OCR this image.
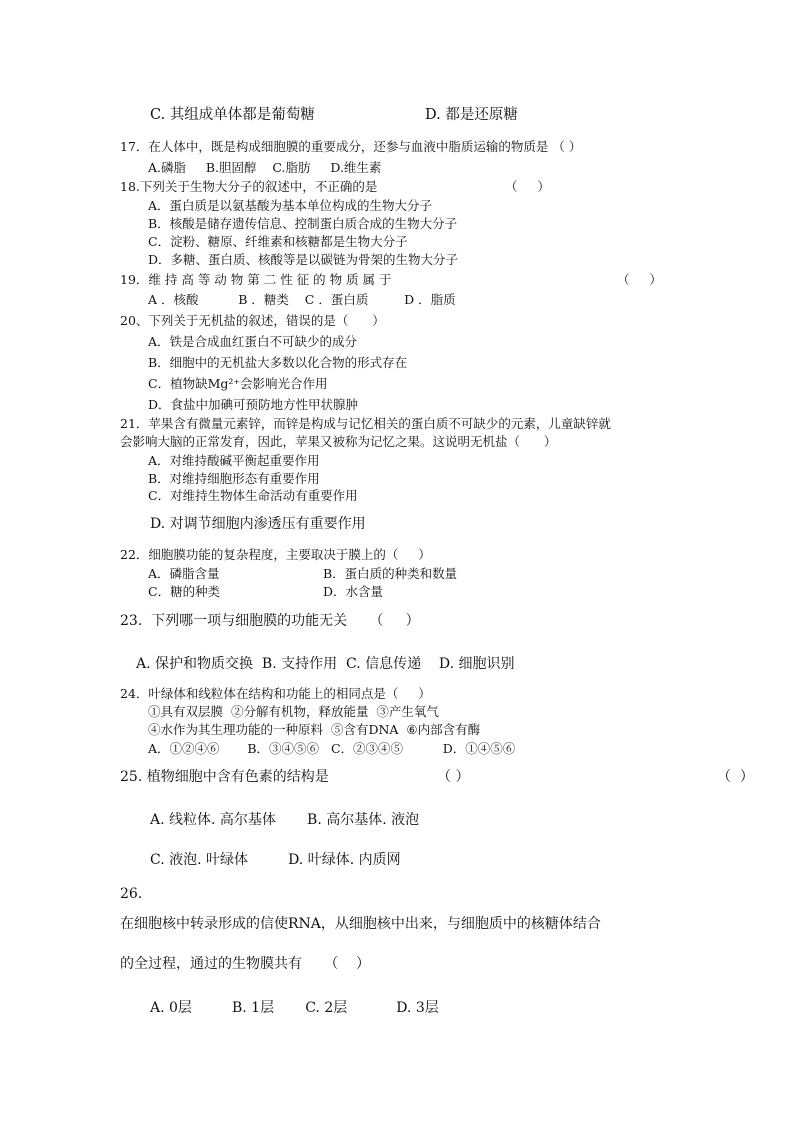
C. 其组成单体都是葡萄糖	D. 都是还原糖
17．在人体中，既是构成细胞膜的重要成分，还参与血液中脂质运输的物质是 （ ）
A.磷脂     B.胆固醇    C.脂肪     D.维生素
18.下列关于生物大分子的叙述中，不正确的是	（     ）
A．蛋白质是以氨基酸为基本单位构成的生物大分子
B．核酸是储存遗传信息、控制蛋白质合成的生物大分子
C．淀粉、糖原、纤维素和核糖都是生物大分子
D．多糖、蛋白质、核酸等是以碳链为骨架的生物大分子
19．维 持 高 等 动 物 第 二 性 征 的 物 质 属 于	（     ）
A ．核酸          B ．糖类    C ．蛋白质         D ．脂质
20、下列关于无机盐的叙述，错误的是（      ）
A．铁是合成血红蛋白不可缺少的成分
B．细胞中的无机盐大多数以化合物的形式存在
C．植物缺Mg²⁺会影响光合作用
D．食盐中加碘可预防地方性甲状腺肿
21．苹果含有微量元素锌，而锌是构成与记忆相关的蛋白质不可缺少的元素，儿童缺锌就
会影响大脑的正常发育，因此，苹果又被称为记忆之果。这说明无机盐（      ）
A．对维持酸碱平衡起重要作用
B．对维持细胞形态有重要作用
C．对维持生物体生命活动有重要作用
D. 对调节细胞内渗透压有重要作用
22．细胞膜功能的复杂程度，主要取决于膜上的（     ）
A．磷脂含量	B．蛋白质的种类和数量
C．糖的种类	D．水含量
23.  下列哪一项与细胞膜的功能无关     （     ）
A. 保护和物质交换  B. 支持作用  C. 信息传递    D. 细胞识别
24．叶绿体和线粒体在结构和功能上的相同点是（     ）
①具有双层膜  ②分解有机物，释放能量  ③产生氧气
④水作为其生理功能的一种原料  ⑤含有DNA  ⑥内部含有酶
A．①②④⑥       B．③④⑤⑥   C．②③④⑤          D．①④⑤⑥
25. 植物细胞中含有色素的结构是	（ ）	（  ）
A. 线粒体. 高尔基体       B. 高尔基体. 液泡
C. 液泡. 叶绿体         D. 叶绿体. 内质网
26.
在细胞核中转录形成的信使RNA，从细胞核中出来，与细胞质中的核糖体结合
的全过程，通过的生物膜共有     （    ）
A. 0层         B. 1层       C. 2层           D. 3层
